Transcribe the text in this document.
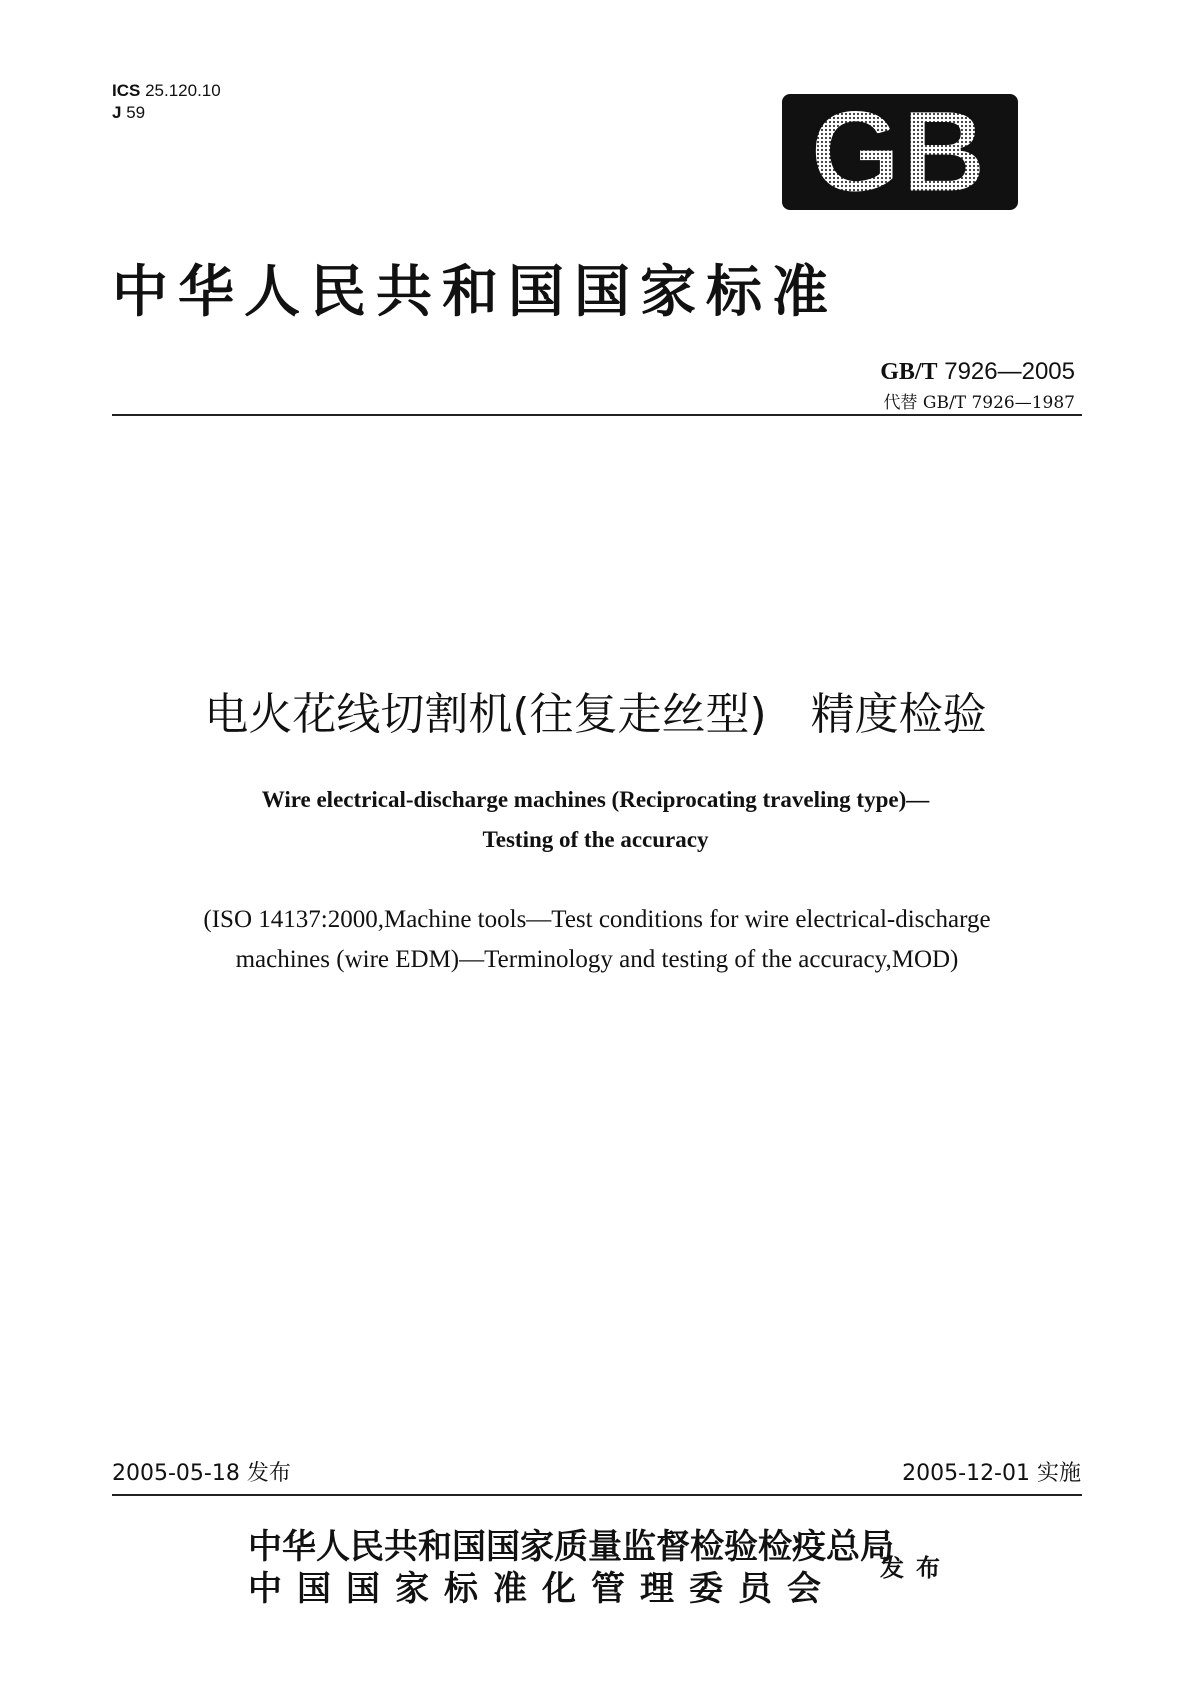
ICS 25.120.10
J 59	GB
中华人民共和国国家标准
GB/T 7926—2005
代替 GB/T 7926—1987
电火花线切割机(往复走丝型)　精度检验
Wire electrical-discharge machines (Reciprocating traveling type)—
Testing of the accuracy
(ISO 14137:2000,Machine tools—Test conditions for wire electrical-discharge
machines (wire EDM)—Terminology and testing of the accuracy,MOD)
2005-05-18 发布	2005-12-01 实施
中华人民共和国国家质量监督检验检疫总局
中国国家标准化管理委员会
发布
